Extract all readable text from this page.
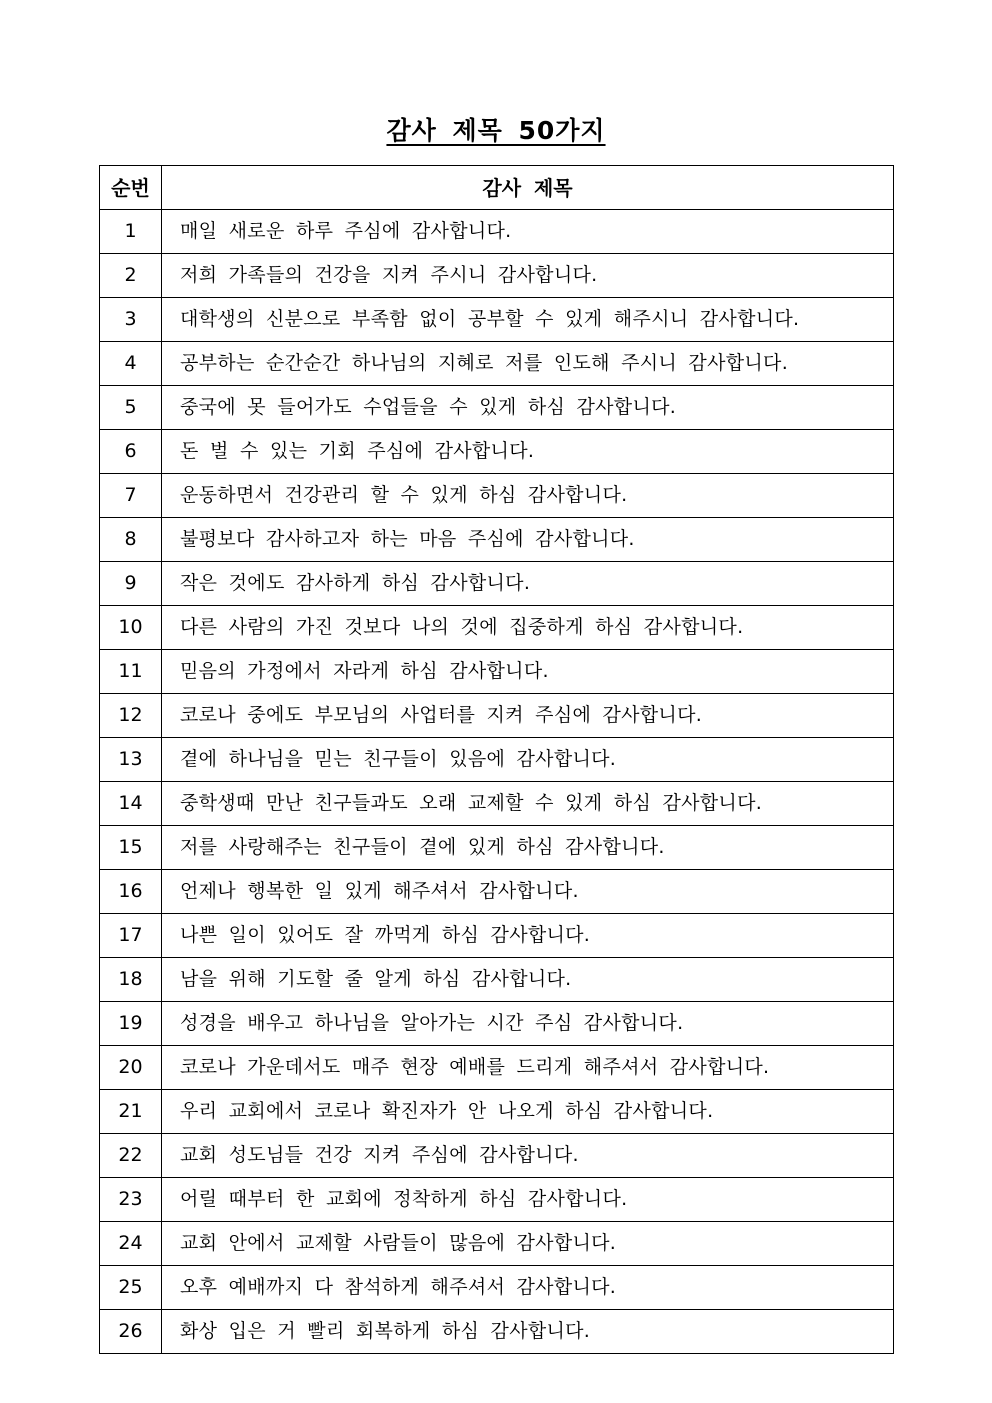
감사 제목 50가지
순번	감사 제목
1	매일 새로운 하루 주심에 감사합니다.
2	저희 가족들의 건강을 지켜 주시니 감사합니다.
3	대학생의 신분으로 부족함 없이 공부할 수 있게 해주시니 감사합니다.
4	공부하는 순간순간 하나님의 지혜로 저를 인도해 주시니 감사합니다.
5	중국에 못 들어가도 수업들을 수 있게 하심 감사합니다.
6	돈 벌 수 있는 기회 주심에 감사합니다.
7	운동하면서 건강관리 할 수 있게 하심 감사합니다.
8	불평보다 감사하고자 하는 마음 주심에 감사합니다.
9	작은 것에도 감사하게 하심 감사합니다.
10	다른 사람의 가진 것보다 나의 것에 집중하게 하심 감사합니다.
11	믿음의 가정에서 자라게 하심 감사합니다.
12	코로나 중에도 부모님의 사업터를 지켜 주심에 감사합니다.
13	곁에 하나님을 믿는 친구들이 있음에 감사합니다.
14	중학생때 만난 친구들과도 오래 교제할 수 있게 하심 감사합니다.
15	저를 사랑해주는 친구들이 곁에 있게 하심 감사합니다.
16	언제나 행복한 일 있게 해주셔서 감사합니다.
17	나쁜 일이 있어도 잘 까먹게 하심 감사합니다.
18	남을 위해 기도할 줄 알게 하심 감사합니다.
19	성경을 배우고 하나님을 알아가는 시간 주심 감사합니다.
20	코로나 가운데서도 매주 현장 예배를 드리게 해주셔서 감사합니다.
21	우리 교회에서 코로나 확진자가 안 나오게 하심 감사합니다.
22	교회 성도님들 건강 지켜 주심에 감사합니다.
23	어릴 때부터 한 교회에 정착하게 하심 감사합니다.
24	교회 안에서 교제할 사람들이 많음에 감사합니다.
25	오후 예배까지 다 참석하게 해주셔서 감사합니다.
26	화상 입은 거 빨리 회복하게 하심 감사합니다.
